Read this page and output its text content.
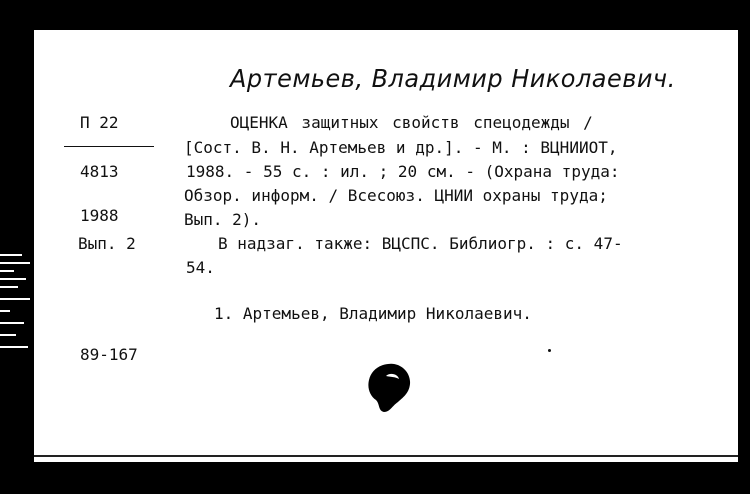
Артемьев, Владимир Николаевич.
П 22
4813
1988
Вып. 2
89-167
ОЦЕНКА защитных свойств спецодежды /
[Сост. В. Н. Артемьев и др.]. - М. : ВЦНИИОТ,
1988. - 55 с. : ил. ; 20 см. - (Охрана труда:
Обзор. информ. / Всесоюз. ЦНИИ охраны труда;
Вып. 2).
В надзаг. также: ВЦСПС. Библиогр. : с. 47-
54.
1. Артемьев, Владимир Николаевич.
